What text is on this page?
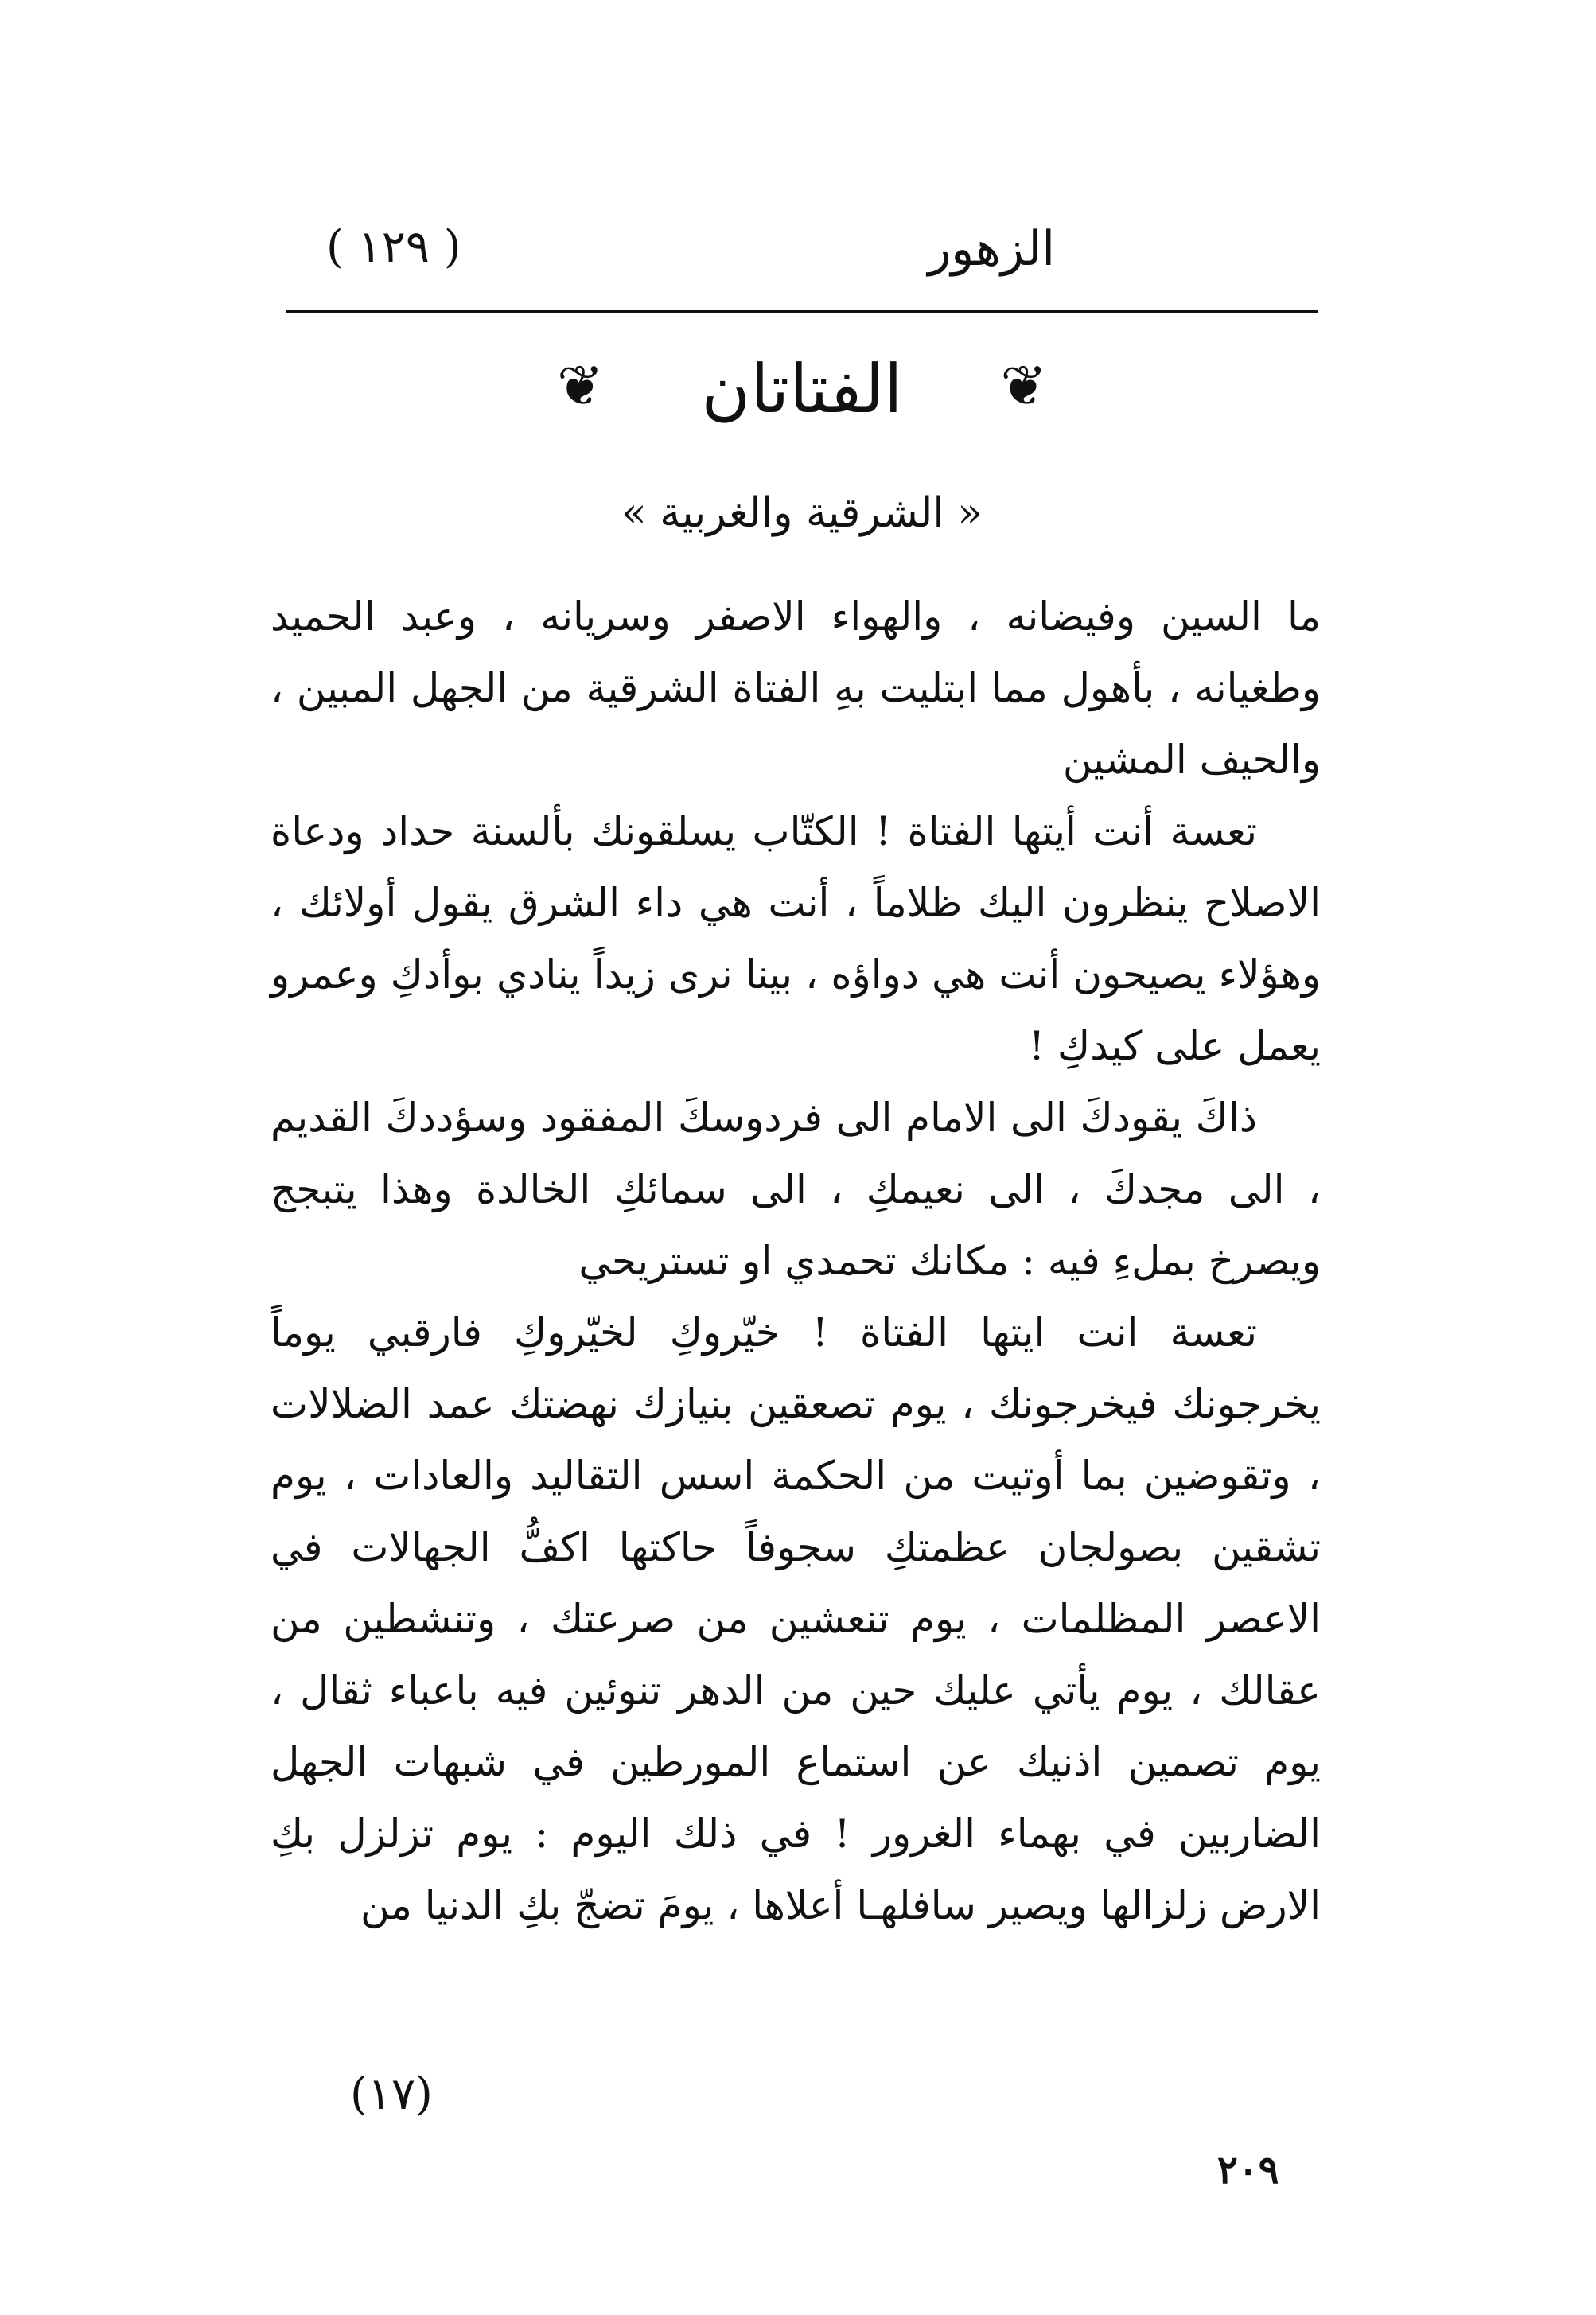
الزهور
( ١٢٩ )
❦	الفتاتان	❦
« الشرقية والغربية »

ما السين وفيضانه ، والهواء الاصفر وسريانه ، وعبد الحميد وطغيانه ، بأهول مما ابتليت بهِ الفتاة الشرقية من الجهل المبين ، والحيف المشين

تعسة أنت أيتها الفتاة ! الكتّاب يسلقونك بألسنة حداد ودعاة الاصلاح ينظرون اليك ظلاماً ، أنت هي داء الشرق يقول أولائك ، وهؤلاء يصيحون أنت هي دواؤه ، بينا نرى زيداً ينادي بوأدكِ وعمرو يعمل على كيدكِ !

ذاكَ يقودكَ الى الامام الى فردوسكَ المفقود وسؤددكَ القديم ، الى مجدكَ ، الى نعيمكِ ، الى سمائكِ الخالدة وهذا يتبجج ويصرخ بملءِ فيه : مكانك تحمدي او تستريحي

تعسة انت ايتها الفتاة ! خيّروكِ لخيّروكِ فارقبي يوماً يخرجونك فيخرجونك ، يوم تصعقين بنيازك نهضتك عمد الضلالات ، وتقوضين بما أوتيت من الحكمة اسس التقاليد والعادات ، يوم تشقين بصولجان عظمتكِ سجوفاً حاكتها اكفُّ الجهالات في الاعصر المظلمات ، يوم تنعشين من صرعتك ، وتنشطين من عقالك ، يوم يأتي عليك حين من الدهر تنوئين فيه باعباء ثقال ، يوم تصمين اذنيك عن استماع المورطين في شبهات الجهل الضاربين في بهماء الغرور ! في ذلك اليوم : يوم تزلزل بكِ الارض زلزالها ويصير سافلهـا أعلاها ، يومَ تضجّ بكِ الدنيا من

(١٧)
٢٠٩
